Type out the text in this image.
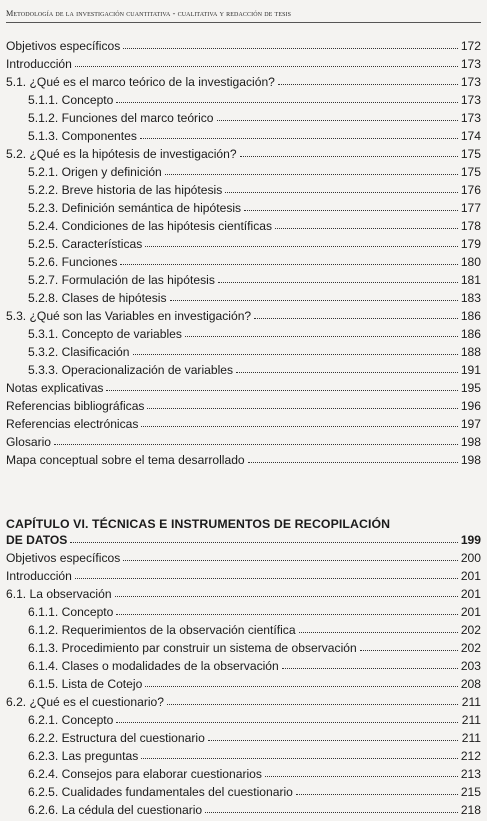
Metodología de la investigación cuantitativa - cualitativa y redacción de tesis
Objetivos específicos	172
Introducción	173
5.1. ¿Qué es el marco teórico de la investigación?	173
5.1.1. Concepto	173
5.1.2. Funciones del marco teórico	173
5.1.3. Componentes	174
5.2. ¿Qué es la hipótesis de investigación?	175
5.2.1. Origen y definición	175
5.2.2. Breve historia de las hipótesis	176
5.2.3. Definición semántica de hipótesis	177
5.2.4. Condiciones de las hipótesis científicas	178
5.2.5. Características	179
5.2.6. Funciones	180
5.2.7. Formulación de las hipótesis	181
5.2.8. Clases de hipótesis	183
5.3. ¿Qué son las Variables en investigación?	186
5.3.1. Concepto de variables	186
5.3.2. Clasificación	188
5.3.3. Operacionalización de variables	191
Notas explicativas	195
Referencias bibliográficas	196
Referencias electrónicas	197
Glosario	198
Mapa conceptual sobre el tema desarrollado	198
CAPÍTULO VI. TÉCNICAS E INSTRUMENTOS DE RECOPILACIÓN
DE DATOS	199
Objetivos específicos	200
Introducción	201
6.1. La observación	201
6.1.1. Concepto	201
6.1.2. Requerimientos de la observación científica	202
6.1.3. Procedimiento par construir un sistema de observación	202
6.1.4. Clases o modalidades de la observación	203
6.1.5. Lista de Cotejo	208
6.2. ¿Qué es el cuestionario?	211
6.2.1. Concepto	211
6.2.2. Estructura del cuestionario	211
6.2.3. Las preguntas	212
6.2.4. Consejos para elaborar cuestionarios	213
6.2.5. Cualidades fundamentales del cuestionario	215
6.2.6. La cédula del cuestionario	218
